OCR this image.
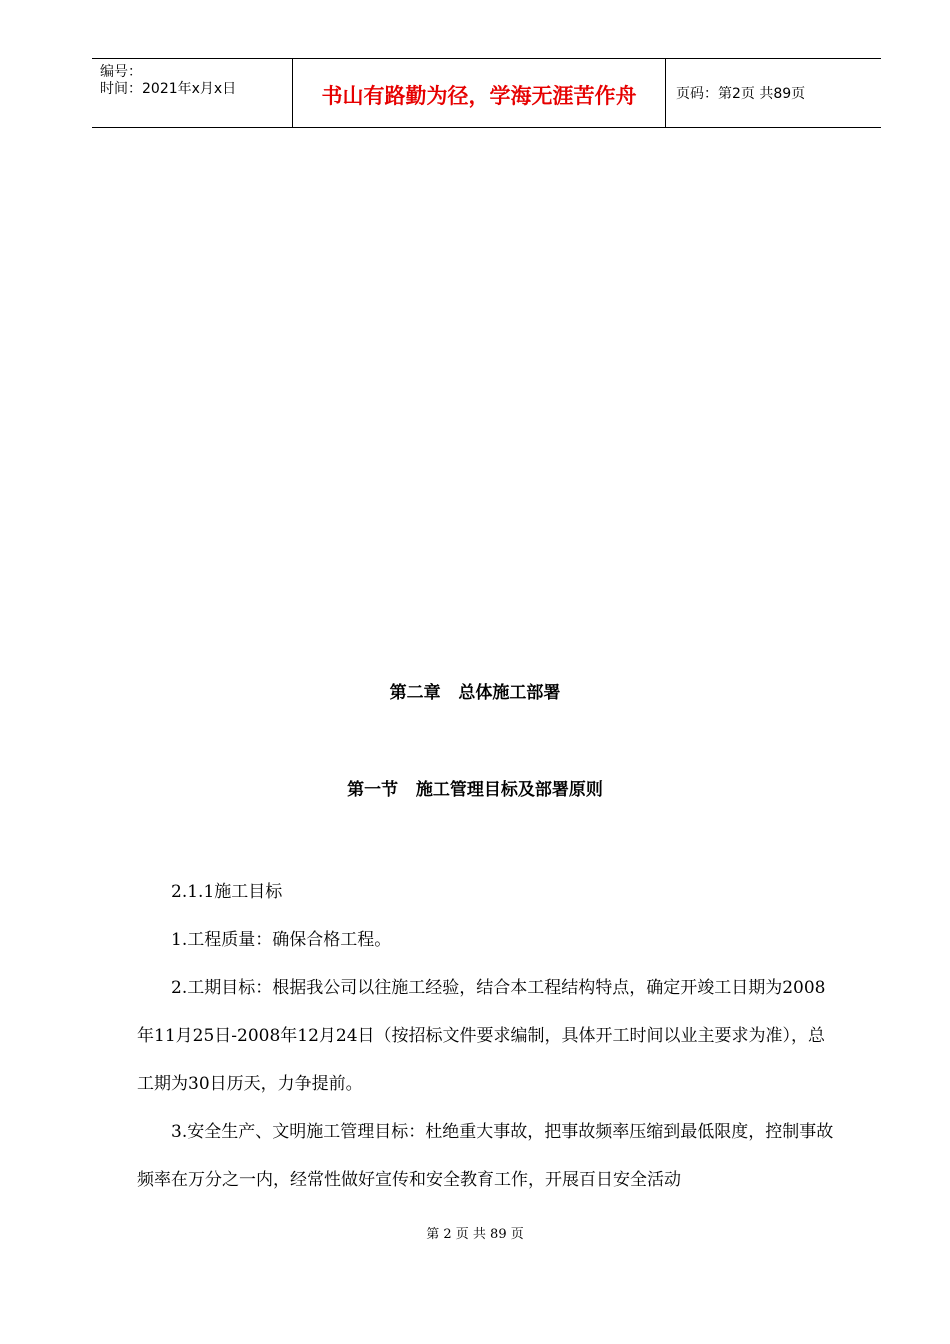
编号：
时间：2021年x月x日	书山有路勤为径，学海无涯苦作舟	页码：第2页 共89页
第二章   总体施工部署
第一节   施工管理目标及部署原则

2.1.1施工目标

1.工程质量：确保合格工程。

2.工期目标：根据我公司以往施工经验，结合本工程结构特点，确定开竣工日期为2008年11月25日-2008年12月24日（按招标文件要求编制，具体开工时间以业主要求为准），总工期为30日历天，力争提前。

3.安全生产、文明施工管理目标：杜绝重大事故，把事故频率压缩到最低限度，控制事故频率在万分之一内，经常性做好宣传和安全教育工作，开展百日安全活动

第 2 页 共 89 页
